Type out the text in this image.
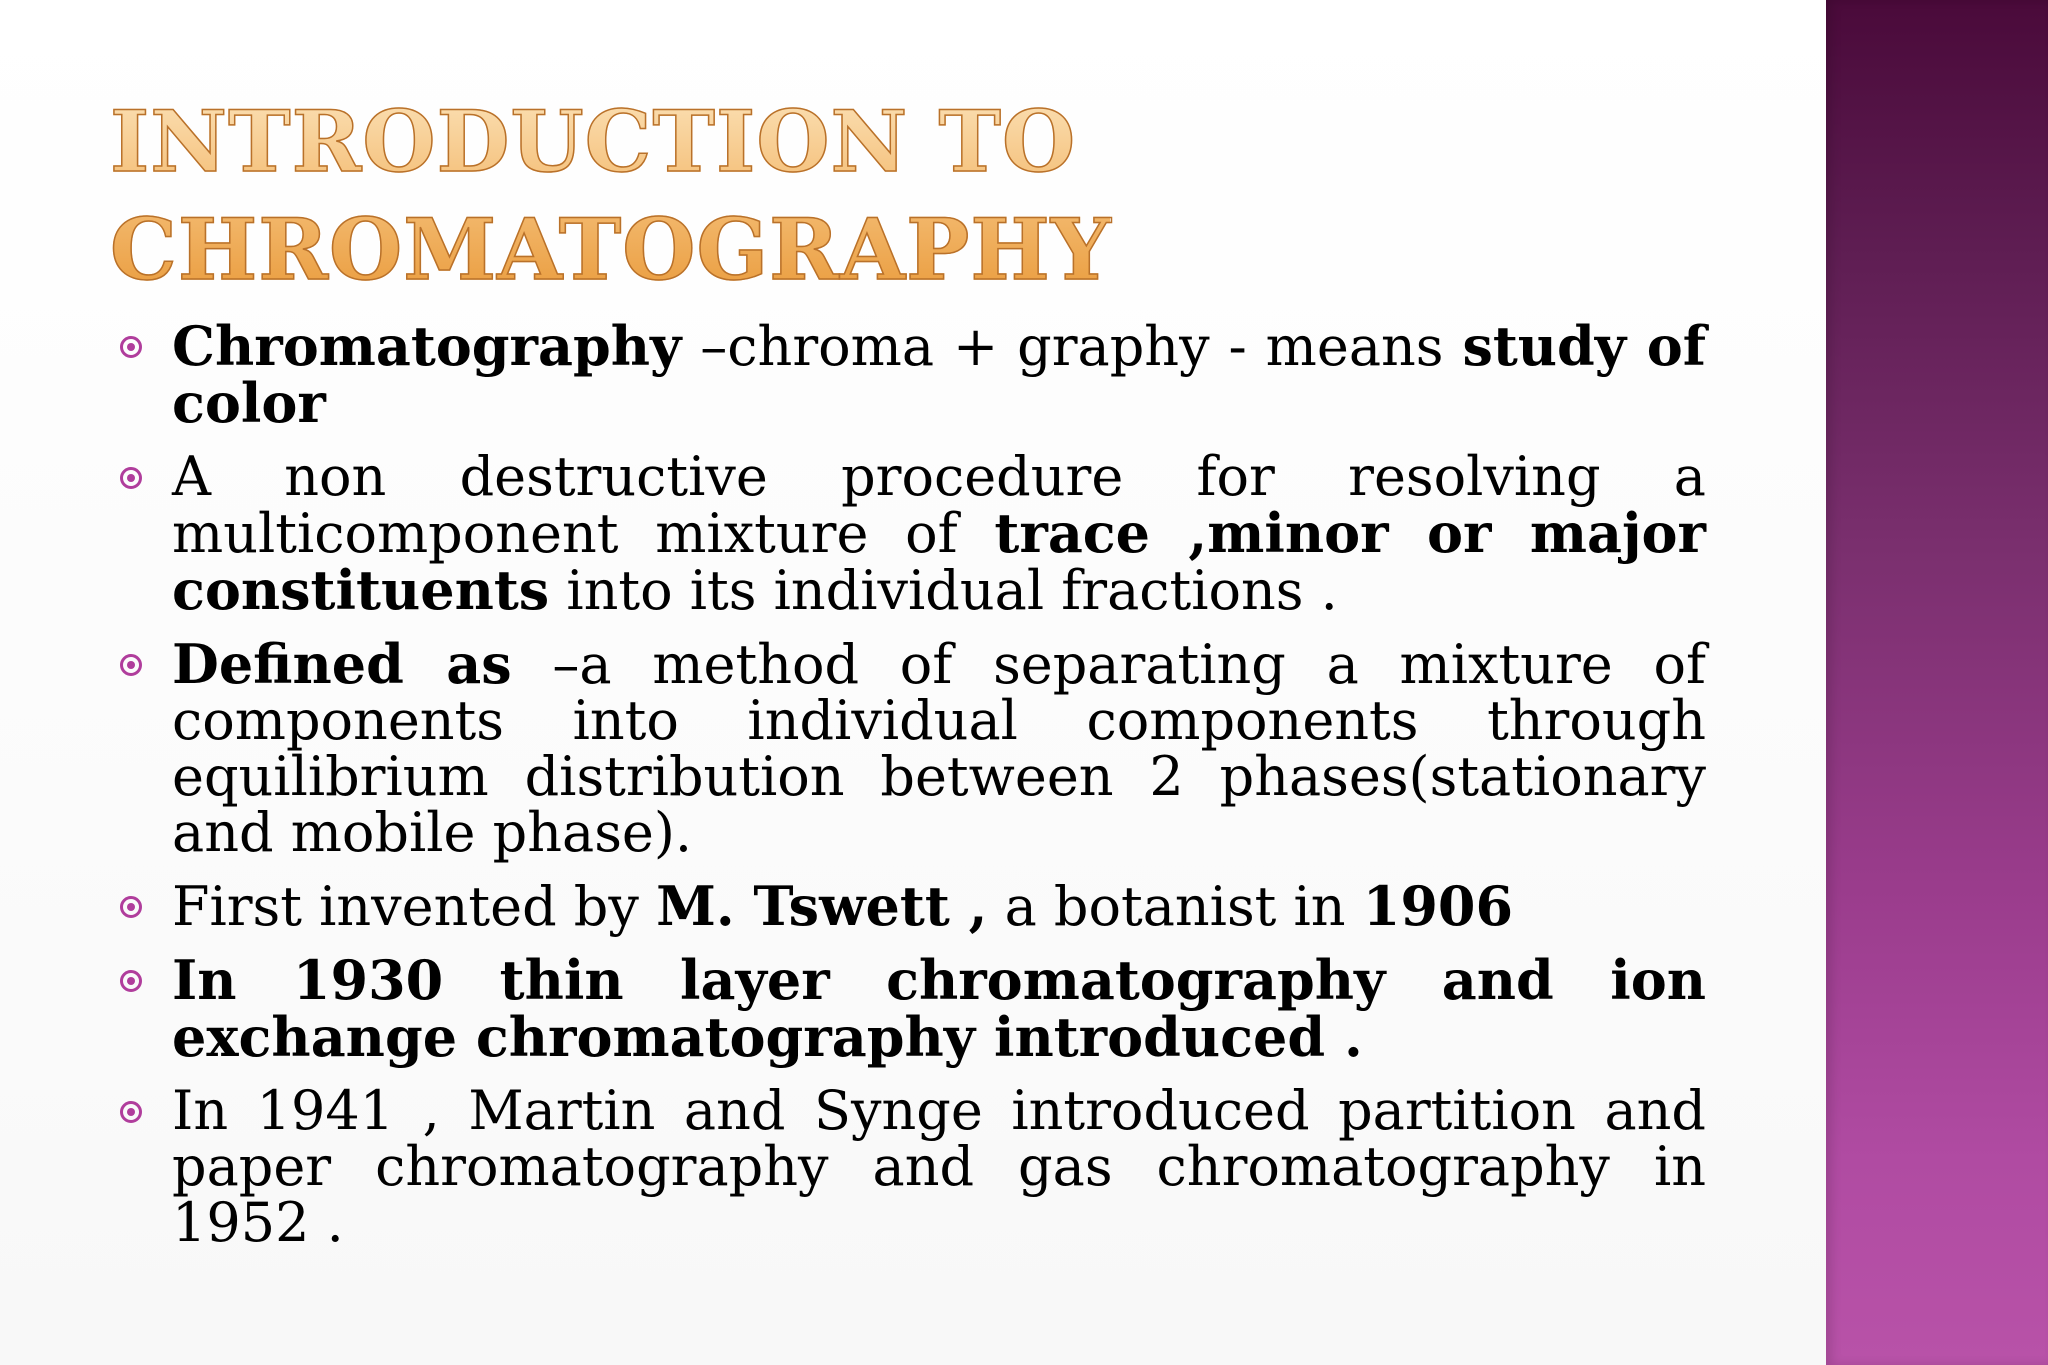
INTRODUCTION TO
CHROMATOGRAPHY
Chromatography –chroma + graphy - means study of color
A non destructive procedure for resolving a multicomponent mixture of trace ,minor or major constituents into its individual fractions .
Defined as –a method of separating a mixture of components into individual components through equilibrium distribution between 2 phases(stationary and mobile phase).
First invented by M. Tswett , a botanist in 1906
In 1930 thin layer chromatography and ion exchange chromatography introduced .
In 1941 , Martin and Synge introduced partition and paper chromatography and gas chromatography in 1952 .
